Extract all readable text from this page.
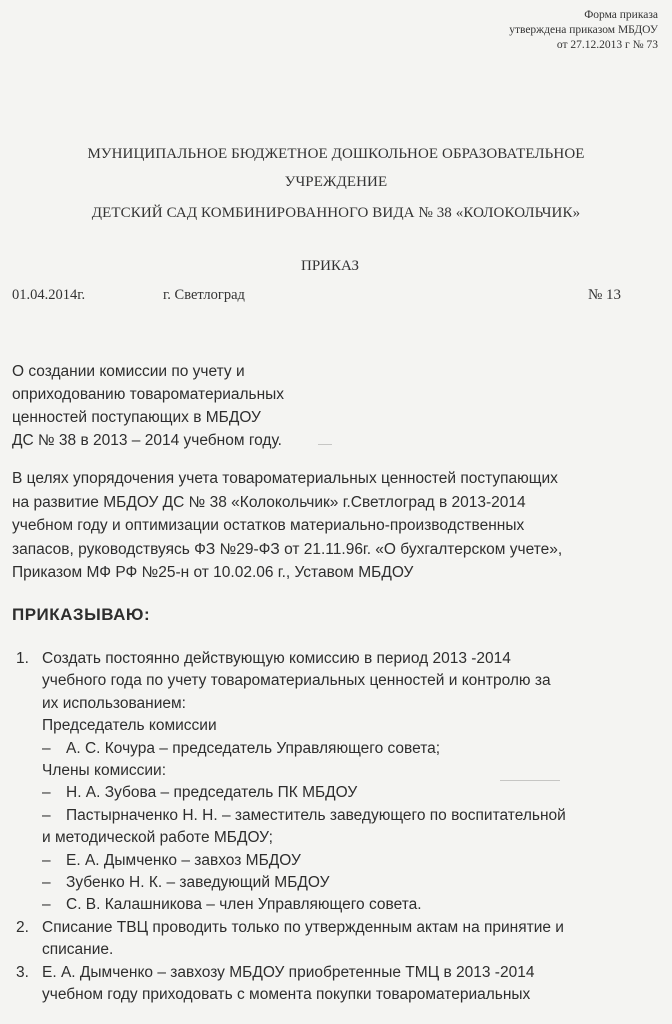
Форма приказа
утверждена приказом МБДОУ
от 27.12.2013 г № 73
МУНИЦИПАЛЬНОЕ БЮДЖЕТНОЕ ДОШКОЛЬНОЕ ОБРАЗОВАТЕЛЬНОЕ
УЧРЕЖДЕНИЕ
ДЕТСКИЙ САД КОМБИНИРОВАННОГО ВИДА № 38 «КОЛОКОЛЬЧИК»
ПРИКАЗ
01.04.2014г.	г. Светлоград	№ 13
О создании комиссии по учету и
оприходованию товароматериальных
ценностей поступающих в МБДОУ
ДС № 38 в 2013 – 2014 учебном году.
В целях упорядочения учета товароматериальных ценностей поступающих
на развитие МБДОУ ДС № 38 «Колокольчик» г.Светлоград в 2013-2014
учебном году и оптимизации остатков материально-производственных
запасов, руководствуясь ФЗ №29-ФЗ от 21.11.96г. «О бухгалтерском учете»,
Приказом МФ РФ №25-н от 10.02.06 г., Уставом МБДОУ
ПРИКАЗЫВАЮ:
1. Создать постоянно действующую комиссию в период 2013 -2014
учебного года по учету товароматериальных ценностей и контролю за
их использованием:
Председатель комиссии
– А. С. Кочура – председатель Управляющего совета;
Члены комиссии:
– Н. А. Зубова – председатель ПК МБДОУ
– Пастырначенко Н. Н. – заместитель заведующего по воспитательной
и методической работе МБДОУ;
– Е. А. Дымченко – завхоз МБДОУ
– Зубенко Н. К. – заведующий МБДОУ
– С. В. Калашникова – член Управляющего совета.
2. Списание ТВЦ проводить только по утвержденным актам на принятие и
списание.
3. Е. А. Дымченко – завхозу МБДОУ приобретенные ТМЦ в 2013 -2014
учебном году приходовать с момента покупки товароматериальных
